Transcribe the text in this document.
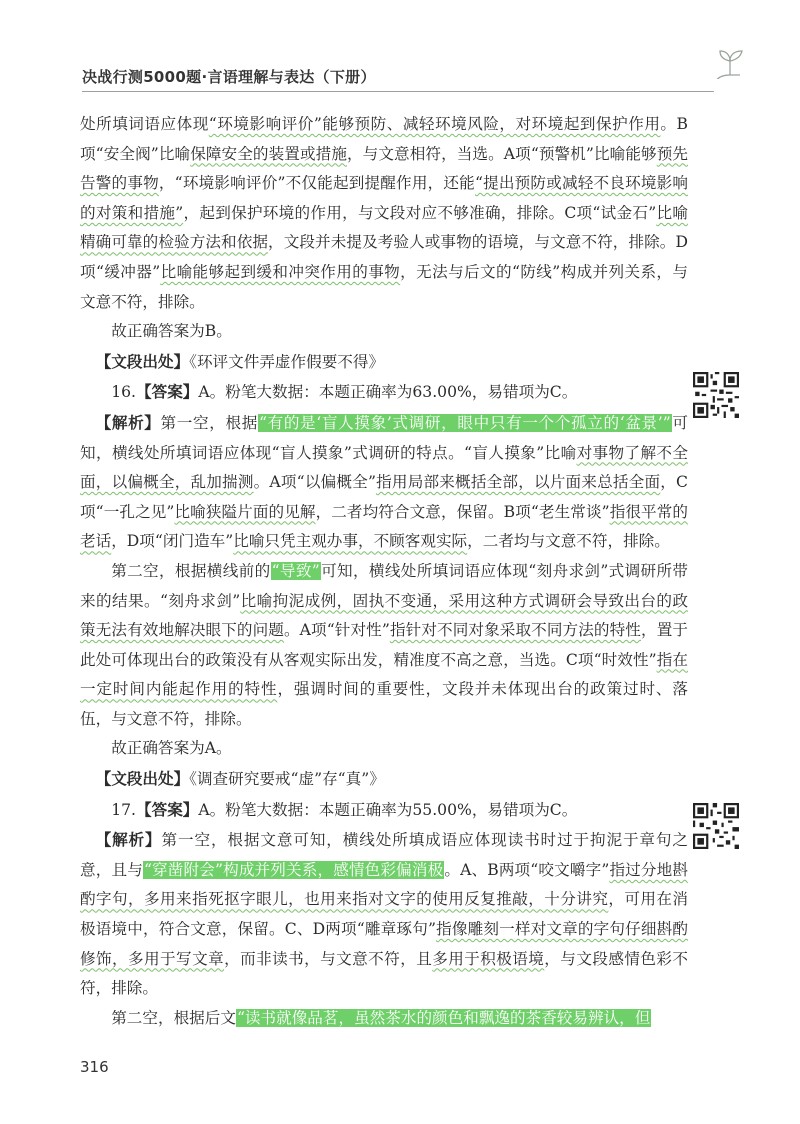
决战行测5000题·言语理解与表达（下册）

处所填词语应体现“环境影响评价”能够预防、减轻环境风险，对环境起到保护作用。B项“安全阀”比喻保障安全的装置或措施，与文意相符，当选。A项“预警机”比喻能够预先告警的事物，“环境影响评价”不仅能起到提醒作用，还能“提出预防或减轻不良环境影响的对策和措施”，起到保护环境的作用，与文段对应不够准确，排除。C项“试金石”比喻精确可靠的检验方法和依据，文段并未提及考验人或事物的语境，与文意不符，排除。D项“缓冲器”比喻能够起到缓和冲突作用的事物，无法与后文的“防线”构成并列关系，与文意不符，排除。

故正确答案为B。

【文段出处】《环评文件弄虚作假要不得》

16.【答案】A。粉笔大数据：本题正确率为63.00%，易错项为C。

【解析】第一空，根据“有的是‘盲人摸象’式调研，眼中只有一个个孤立的‘盆景’”可知，横线处所填词语应体现“盲人摸象”式调研的特点。“盲人摸象”比喻对事物了解不全面，以偏概全，乱加揣测。A项“以偏概全”指用局部来概括全部，以片面来总括全面，C项“一孔之见”比喻狭隘片面的见解，二者均符合文意，保留。B项“老生常谈”指很平常的老话，D项“闭门造车”比喻只凭主观办事，不顾客观实际，二者均与文意不符，排除。

第二空，根据横线前的“导致”可知，横线处所填词语应体现“刻舟求剑”式调研所带来的结果。“刻舟求剑”比喻拘泥成例，固执不变通，采用这种方式调研会导致出台的政策无法有效地解决眼下的问题。A项“针对性”指针对不同对象采取不同方法的特性，置于此处可体现出台的政策没有从客观实际出发，精准度不高之意，当选。C项“时效性”指在一定时间内能起作用的特性，强调时间的重要性，文段并未体现出台的政策过时、落伍，与文意不符，排除。

故正确答案为A。

【文段出处】《调查研究要戒“虚”存“真”》

17.【答案】A。粉笔大数据：本题正确率为55.00%，易错项为C。

【解析】第一空，根据文意可知，横线处所填成语应体现读书时过于拘泥于章句之意，且与“穿凿附会”构成并列关系，感情色彩偏消极。A、B两项“咬文嚼字”指过分地斟酌字句，多用来指死抠字眼儿，也用来指对文字的使用反复推敲，十分讲究，可用在消极语境中，符合文意，保留。C、D两项“雕章琢句”指像雕刻一样对文章的字句仔细斟酌修饰，多用于写文章，而非读书，与文意不符，且多用于积极语境，与文段感情色彩不符，排除。

第二空，根据后文“读书就像品茗，虽然茶水的颜色和飘逸的茶香较易辨认，但

316
